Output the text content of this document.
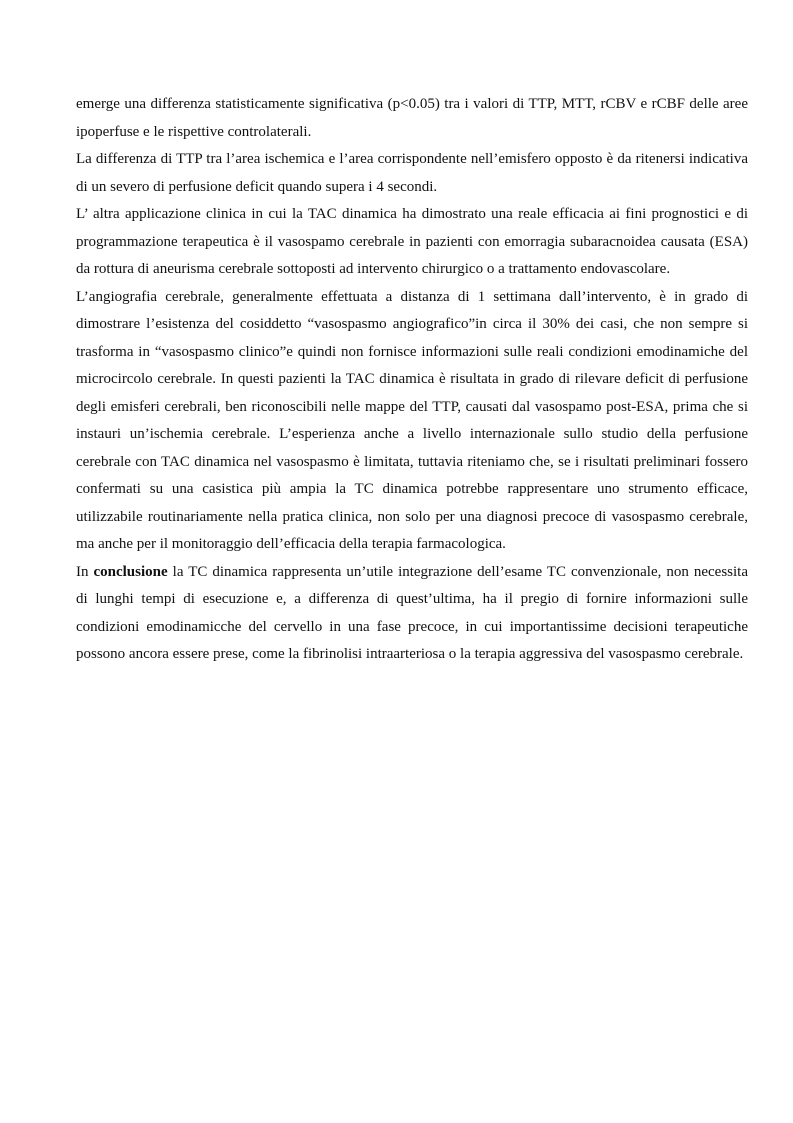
emerge una differenza statisticamente significativa (p<0.05) tra i valori di TTP, MTT, rCBV e rCBF delle aree ipoperfuse e le rispettive controlaterali.

La differenza di TTP tra l’area ischemica e l’area corrispondente nell’emisfero opposto è da ritenersi indicativa di un severo di perfusione deficit quando supera i 4 secondi.

L’ altra applicazione clinica in cui la TAC dinamica ha dimostrato una reale efficacia ai fini prognostici e di programmazione terapeutica è il vasospamo cerebrale in pazienti con emorragia subaracnoidea causata (ESA) da rottura di aneurisma cerebrale sottoposti ad intervento chirurgico o a trattamento endovascolare.

L’angiografia cerebrale, generalmente effettuata a distanza di 1 settimana dall’intervento, è in grado di dimostrare l’esistenza del cosiddetto “vasospasmo angiografico”in circa il 30% dei casi, che non sempre si trasforma in “vasospasmo clinico”e quindi non fornisce informazioni sulle reali condizioni emodinamiche del microcircolo cerebrale. In questi pazienti la TAC dinamica è risultata in grado di rilevare deficit di perfusione degli emisferi cerebrali, ben riconoscibili nelle mappe del TTP, causati dal vasospamo post-ESA, prima che si instauri un’ischemia cerebrale. L’esperienza anche a livello internazionale sullo studio della perfusione cerebrale con TAC dinamica nel vasospasmo è limitata, tuttavia riteniamo che, se i risultati preliminari fossero confermati su una casistica più ampia la TC dinamica potrebbe rappresentare uno strumento efficace, utilizzabile routinariamente nella pratica clinica, non solo per una diagnosi precoce di vasospasmo cerebrale, ma anche per il monitoraggio dell’efficacia della terapia farmacologica.

In conclusione la TC dinamica rappresenta un’utile integrazione dell’esame TC convenzionale, non necessita di lunghi tempi di esecuzione e, a differenza di quest’ultima, ha il pregio di fornire informazioni sulle condizioni emodinamicche del cervello in una fase precoce, in cui importantissime decisioni terapeutiche possono ancora essere prese, come la fibrinolisi intraarteriosa o la terapia aggressiva del vasospasmo cerebrale.
